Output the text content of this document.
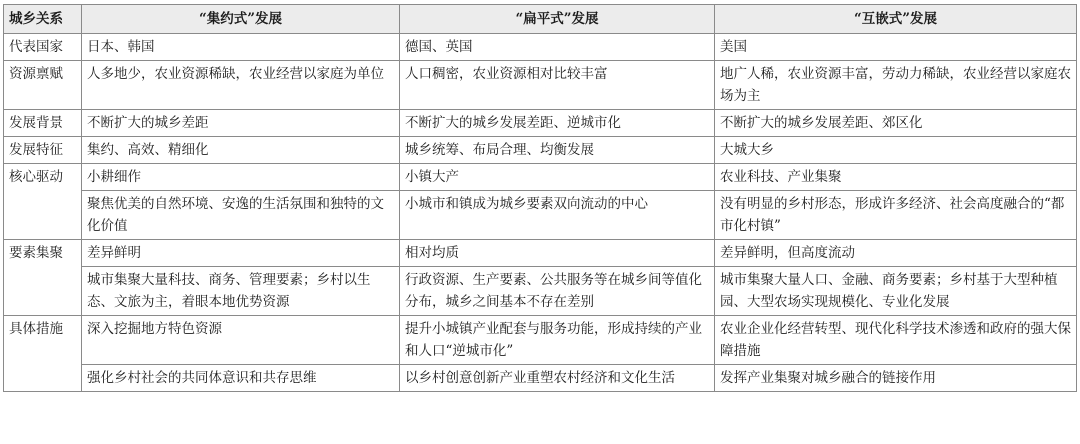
城乡关系	“集约式”发展	“扁平式”发展	“互嵌式”发展
代表国家	日本、韩国	德国、英国	美国
资源禀赋	人多地少，农业资源稀缺，农业经营以家庭为单位	人口稠密，农业资源相对比较丰富	地广人稀，农业资源丰富，劳动力稀缺，农业经营以家庭农场为主
发展背景	不断扩大的城乡差距	不断扩大的城乡发展差距、逆城市化	不断扩大的城乡发展差距、郊区化
发展特征	集约、高效、精细化	城乡统筹、布局合理、均衡发展	大城大乡
核心驱动	小耕细作	小镇大产	农业科技、产业集聚
	聚焦优美的自然环境、安逸的生活氛围和独特的文化价值	小城市和镇成为城乡要素双向流动的中心	没有明显的乡村形态，形成许多经济、社会高度融合的“都市化村镇”
要素集聚	差异鲜明	相对均质	差异鲜明，但高度流动
	城市集聚大量科技、商务、管理要素；乡村以生态、文旅为主，着眼本地优势资源	行政资源、生产要素、公共服务等在城乡间等值化分布，城乡之间基本不存在差别	城市集聚大量人口、金融、商务要素；乡村基于大型种植园、大型农场实现规模化、专业化发展
具体措施	深入挖掘地方特色资源	提升小城镇产业配套与服务功能，形成持续的产业和人口“逆城市化”	农业企业化经营转型、现代化科学技术渗透和政府的强大保障措施
	强化乡村社会的共同体意识和共存思维	以乡村创意创新产业重塑农村经济和文化生活	发挥产业集聚对城乡融合的链接作用
